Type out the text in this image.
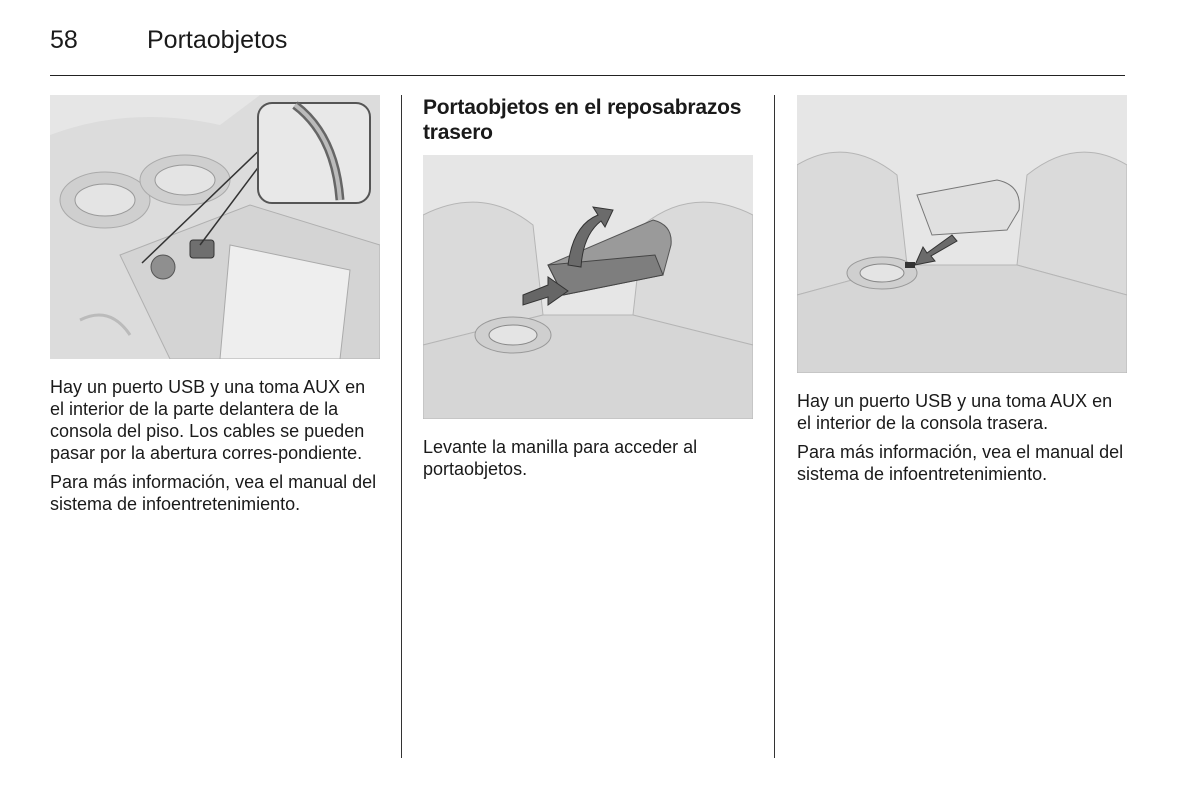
58	Portaobjetos

Hay un puerto USB y una toma AUX en el interior de la parte delantera de la consola del piso. Los cables se pueden pasar por la abertura corres-pondiente.

Para más información, vea el manual del sistema de infoentretenimiento.

Portaobjetos en el reposabrazos trasero

Levante la manilla para acceder al portaobjetos.

Hay un puerto USB y una toma AUX en el interior de la consola trasera.

Para más información, vea el manual del sistema de infoentretenimiento.
